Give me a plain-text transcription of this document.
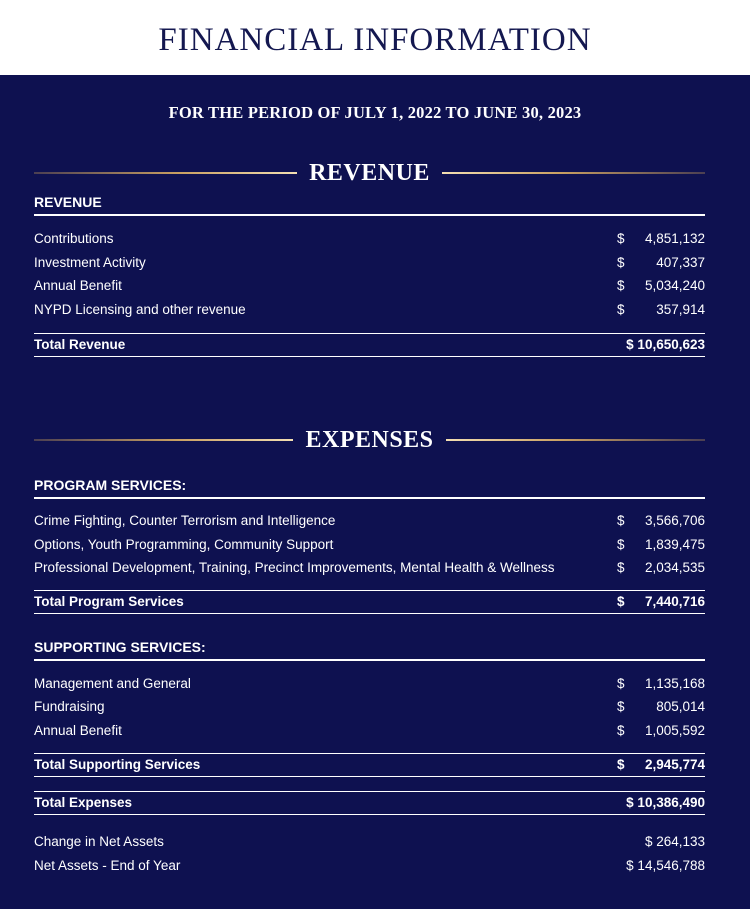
FINANCIAL INFORMATION
FOR THE PERIOD OF JULY 1, 2022 TO JUNE 30, 2023
REVENUE
REVENUE
Contributions	$ 4,851,132
Investment Activity	$ 407,337
Annual Benefit	$ 5,034,240
NYPD Licensing and other revenue	$ 357,914
Total Revenue	$ 10,650,623
EXPENSES
PROGRAM SERVICES:
Crime Fighting, Counter Terrorism and Intelligence	$ 3,566,706
Options, Youth Programming, Community Support	$ 1,839,475
Professional Development, Training, Precinct Improvements, Mental Health & Wellness	$ 2,034,535
Total Program Services	$ 7,440,716
SUPPORTING SERVICES:
Management and General	$ 1,135,168
Fundraising	$ 805,014
Annual Benefit	$ 1,005,592
Total Supporting Services	$ 2,945,774
Total Expenses	$ 10,386,490
Change in Net Assets	$ 264,133
Net Assets - End of Year	$ 14,546,788
